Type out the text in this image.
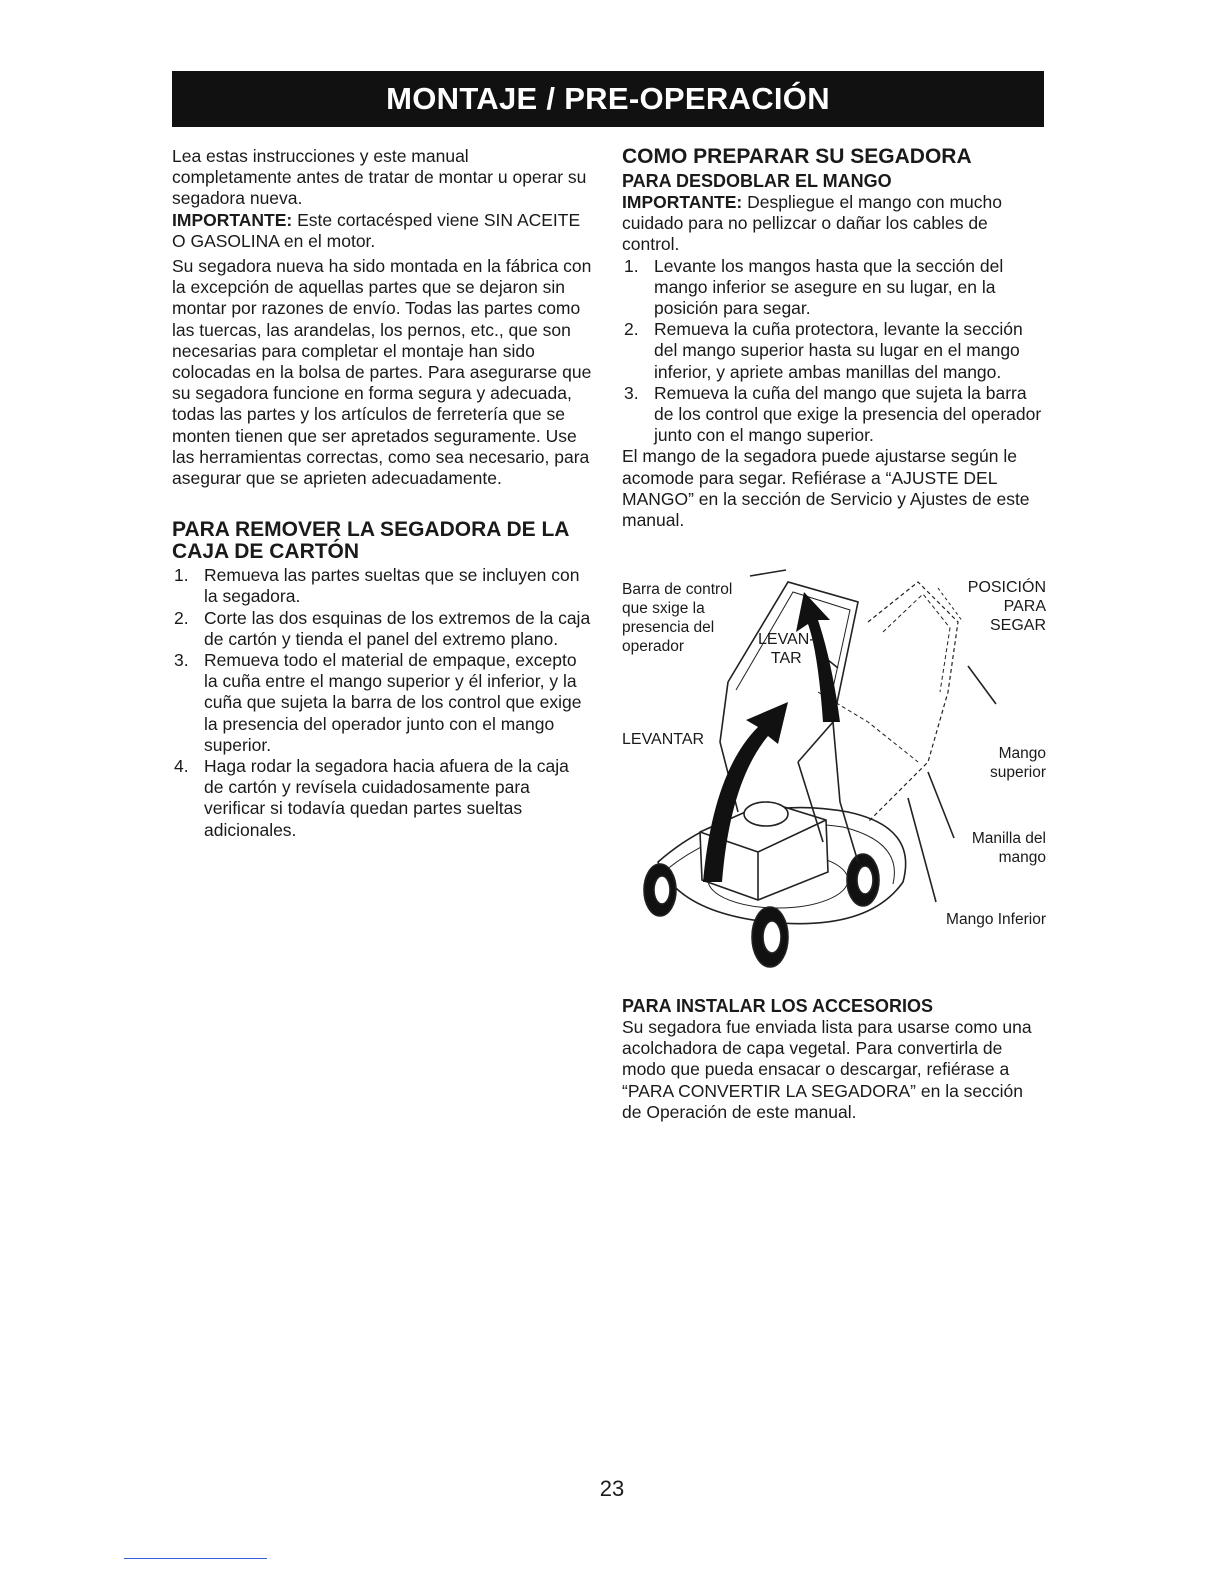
MONTAJE / PRE-OPERACIÓN

Lea estas instrucciones y este manual completamente antes de tratar de montar u operar su segadora nueva.

IMPORTANTE: Este cortacésped viene SIN ACEITE O GASOLINA en el motor.

Su segadora nueva ha sido montada en la fábrica con la excepción de aquellas partes que se dejaron sin montar por razones de envío. Todas las partes como las tuercas, las arandelas, los pernos, etc., que son necesarias para completar el montaje han sido colocadas en la bolsa de partes. Para asegurarse que su segadora funcione en forma segura y adecuada, todas las partes y los artículos de ferretería que se monten tienen que ser apretados seguramente. Use las herramientas correctas, como sea necesario, para asegurar que se aprieten adecuadamente.

PARA REMOVER LA SEGADORA DE LA CAJA DE CARTÓN

1. Remueva las partes sueltas que se incluyen con la segadora.
2. Corte las dos esquinas de los extremos de la caja de cartón y tienda el panel del extremo plano.
3. Remueva todo el material de empaque, excepto la cuña entre el mango superior y él inferior, y la cuña que sujeta la barra de los control que exige la presencia del operador junto con el mango superior.
4. Haga rodar la segadora hacia afuera de la caja de cartón y revísela cuidadosamente para verificar si todavía quedan partes sueltas adicionales.

COMO PREPARAR SU SEGADORA

PARA DESDOBLAR EL MANGO

IMPORTANTE: Despliegue el mango con mucho cuidado para no pellizcar o dañar los cables de control.

1. Levante los mangos hasta que la sección del mango inferior se asegure en su lugar, en la posición para segar.
2. Remueva la cuña protectora, levante la sección del mango superior hasta su lugar en el mango inferior, y apriete ambas manillas del mango.
3. Remueva la cuña del mango que sujeta la barra de los control que exige la presencia del operador junto con el mango superior.

El mango de la segadora puede ajustarse según le acomode para segar. Refiérase a “AJUSTE DEL MANGO” en la sección de Servicio y Ajustes de este manual.

Barra de control
que sxige la
presencia del
operador	LEVAN-
TAR
LEVANTAR
POSICIÓN
PARA
SEGAR
Mango
superior
Manilla del
mango
Mango Inferior

PARA INSTALAR LOS ACCESORIOS

Su segadora fue enviada lista para usarse como una acolchadora de capa vegetal. Para convertirla de modo que pueda ensacar o descargar, refiérase a “PARA CONVERTIR LA SEGADORA” en la sección de Operación de este manual.

23
